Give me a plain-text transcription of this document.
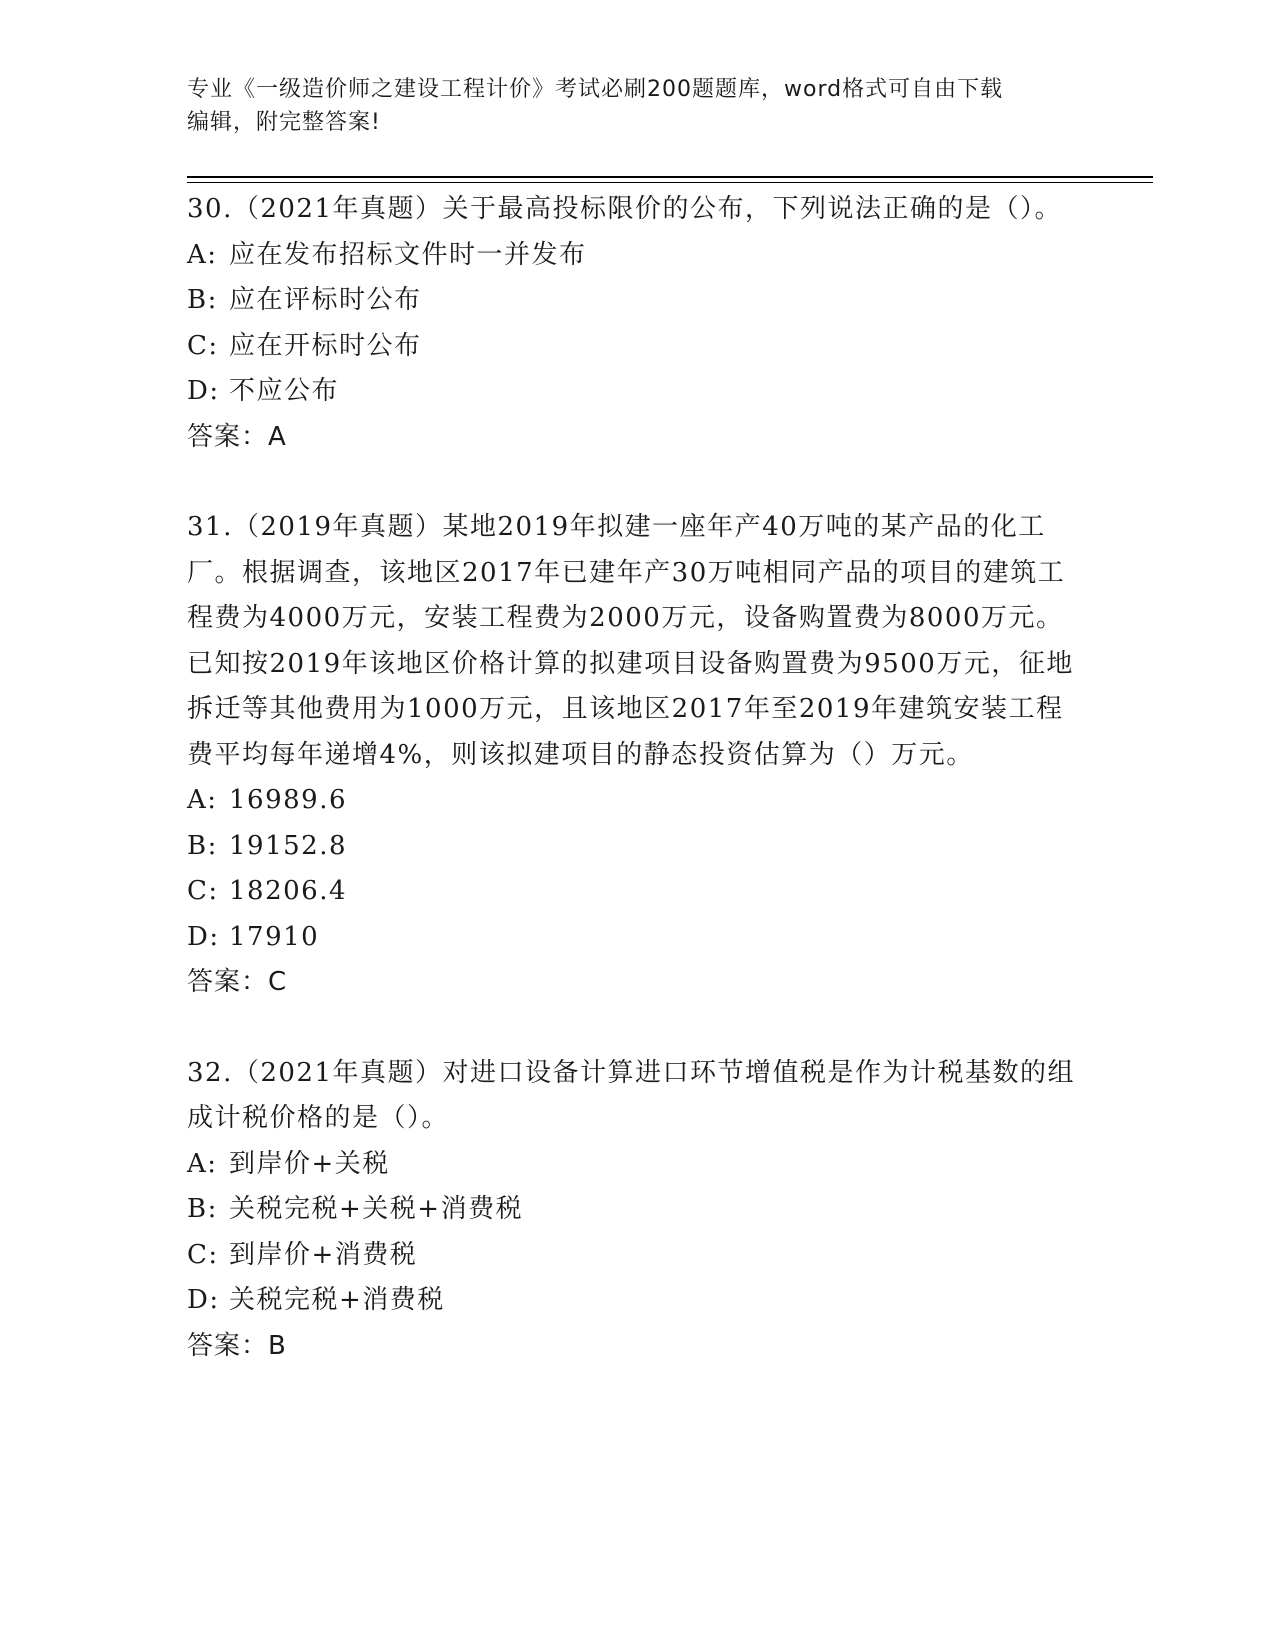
专业《一级造价师之建设工程计价》考试必刷200题题库，word格式可自由下载
编辑，附完整答案!

30.（2021年真题）关于最高投标限价的公布，下列说法正确的是（）。

A: 应在发布招标文件时一并发布
B: 应在评标时公布
C: 应在开标时公布
D: 不应公布
答案：A

31.（2019年真题）某地2019年拟建一座年产40万吨的某产品的化工厂。根据调查，该地区2017年已建年产30万吨相同产品的项目的建筑工程费为4000万元，安装工程费为2000万元，设备购置费为8000万元。已知按2019年该地区价格计算的拟建项目设备购置费为9500万元，征地拆迁等其他费用为1000万元，且该地区2017年至2019年建筑安装工程费平均每年递增4%，则该拟建项目的静态投资估算为（）万元。

A: 16989.6
B: 19152.8
C: 18206.4
D: 17910
答案：C

32.（2021年真题）对进口设备计算进口环节增值税是作为计税基数的组成计税价格的是（）。

A: 到岸价+关税
B: 关税完税+关税+消费税
C: 到岸价+消费税
D: 关税完税+消费税
答案：B
